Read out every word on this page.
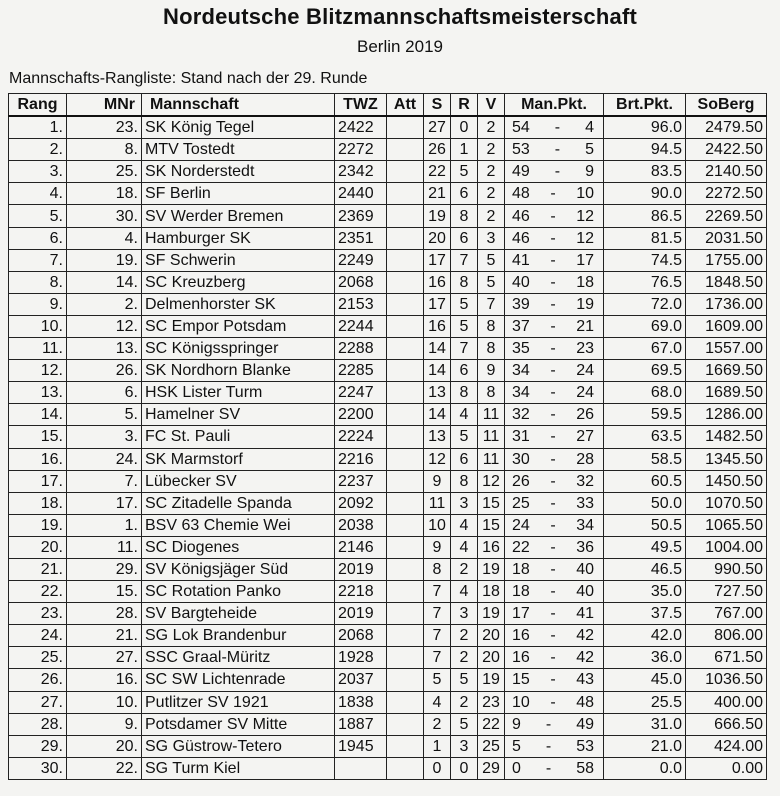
Nordeutsche Blitzmannschaftsmeisterschaft
Berlin 2019
Mannschafts-Rangliste: Stand nach der 29. Runde
Rang	MNr	Mannschaft	TWZ	Att	S	R	V	Man.Pkt.	Brt.Pkt.	SoBerg
1.	23.	SK König Tegel	2422		27	0	2	54 - 4	96.0	2479.50
2.	8.	MTV Tostedt	2272		26	1	2	53 - 5	94.5	2422.50
3.	25.	SK Norderstedt	2342		22	5	2	49 - 9	83.5	2140.50
4.	18.	SF Berlin	2440		21	6	2	48 - 10	90.0	2272.50
5.	30.	SV Werder Bremen	2369		19	8	2	46 - 12	86.5	2269.50
6.	4.	Hamburger SK	2351		20	6	3	46 - 12	81.5	2031.50
7.	19.	SF Schwerin	2249		17	7	5	41 - 17	74.5	1755.00
8.	14.	SC Kreuzberg	2068		16	8	5	40 - 18	76.5	1848.50
9.	2.	Delmenhorster SK	2153		17	5	7	39 - 19	72.0	1736.00
10.	12.	SC Empor Potsdam	2244		16	5	8	37 - 21	69.0	1609.00
11.	13.	SC Königsspringer	2288		14	7	8	35 - 23	67.0	1557.00
12.	26.	SK Nordhorn Blanke	2285		14	6	9	34 - 24	69.5	1669.50
13.	6.	HSK Lister Turm	2247		13	8	8	34 - 24	68.0	1689.50
14.	5.	Hamelner SV	2200		14	4	11	32 - 26	59.5	1286.00
15.	3.	FC St. Pauli	2224		13	5	11	31 - 27	63.5	1482.50
16.	24.	SK Marmstorf	2216		12	6	11	30 - 28	58.5	1345.50
17.	7.	Lübecker SV	2237		9	8	12	26 - 32	60.5	1450.50
18.	17.	SC Zitadelle Spanda	2092		11	3	15	25 - 33	50.0	1070.50
19.	1.	BSV 63 Chemie Wei	2038		10	4	15	24 - 34	50.5	1065.50
20.	11.	SC Diogenes	2146		9	4	16	22 - 36	49.5	1004.00
21.	29.	SV Königsjäger Süd	2019		8	2	19	18 - 40	46.5	990.50
22.	15.	SC Rotation Panko	2218		7	4	18	18 - 40	35.0	727.50
23.	28.	SV Bargteheide	2019		7	3	19	17 - 41	37.5	767.00
24.	21.	SG Lok Brandenbur	2068		7	2	20	16 - 42	42.0	806.00
25.	27.	SSC Graal-Müritz	1928		7	2	20	16 - 42	36.0	671.50
26.	16.	SC SW Lichtenrade	2037		5	5	19	15 - 43	45.0	1036.50
27.	10.	Putlitzer SV 1921	1838		4	2	23	10 - 48	25.5	400.00
28.	9.	Potsdamer SV Mitte	1887		2	5	22	9 - 49	31.0	666.50
29.	20.	SG Güstrow-Tetero	1945		1	3	25	5 - 53	21.0	424.00
30.	22.	SG Turm Kiel			0	0	29	0 - 58	0.0	0.00
